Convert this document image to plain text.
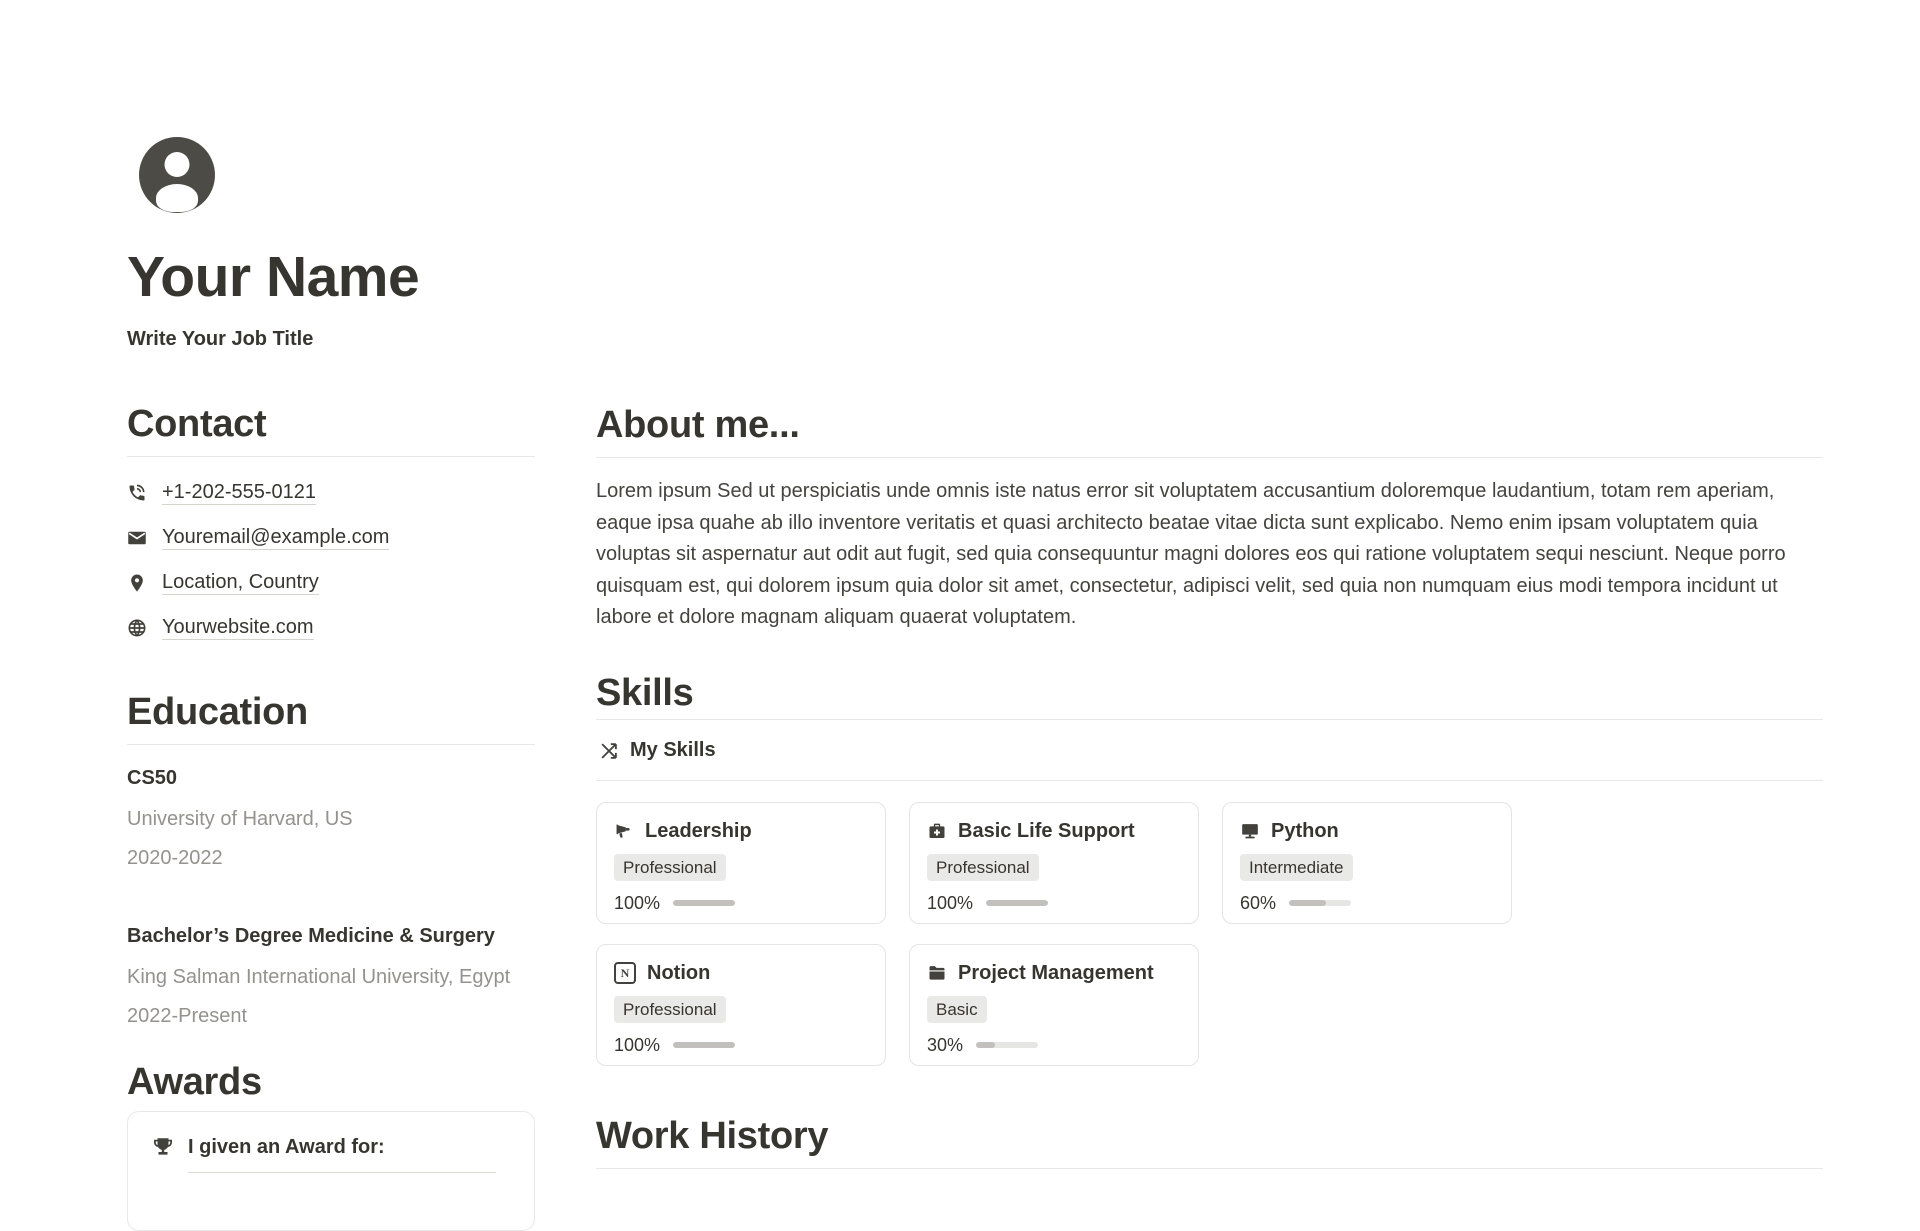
Your Name
Write Your Job Title
Contact
+1-202-555-0121
Youremail@example.com
Location, Country
Yourwebsite.com
Education
CS50
University of Harvard, US
2020-2022
Bachelor’s Degree Medicine & Surgery
King Salman International University, Egypt
2022-Present
Awards
I given an Award for:
About me...

Lorem ipsum Sed ut perspiciatis unde omnis iste natus error sit voluptatem accusantium doloremque laudantium, totam rem aperiam, eaque ipsa quahe ab illo inventore veritatis et quasi architecto beatae vitae dicta sunt explicabo. Nemo enim ipsam voluptatem quia voluptas sit aspernatur aut odit aut fugit, sed quia consequuntur magni dolores eos qui ratione voluptatem sequi nesciunt. Neque porro quisquam est, qui dolorem ipsum quia dolor sit amet, consectetur, adipisci velit, sed quia non numquam eius modi tempora incidunt ut labore et dolore magnam aliquam quaerat voluptatem.

Skills
My Skills
Leadership
Professional
100%
Basic Life Support
Professional
100%
Python
Intermediate
60%
N Notion
Professional
100%
Project Management
Basic
30%
Work History
